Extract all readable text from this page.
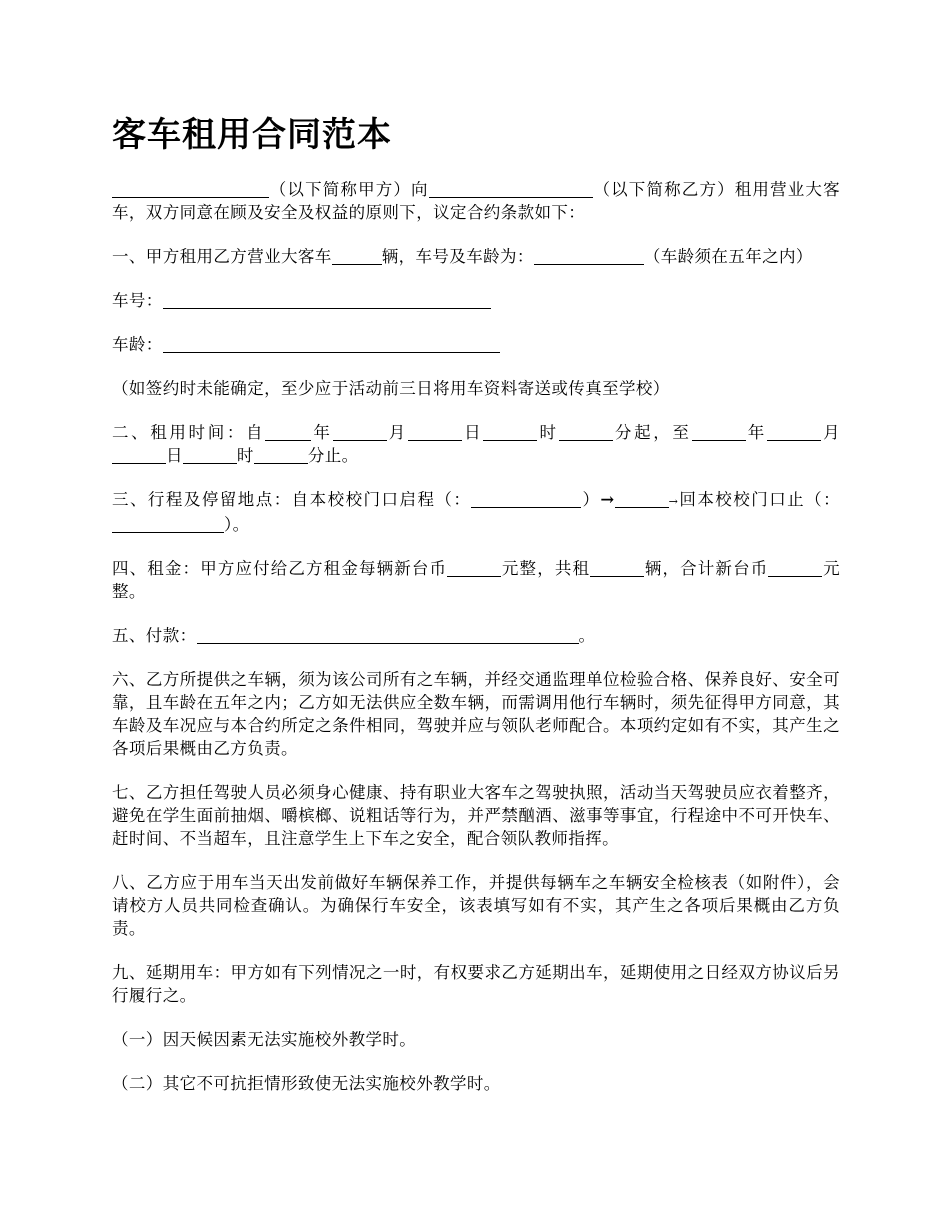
客车租用合同范本

（以下简称甲方）向	（以下简称乙方）租用营业大客车，双方同意在顾及安全及权益的原则下，议定合约条款如下：

一、甲方租用乙方营业大客车	辆，车号及车龄为：	（车龄须在五年之内）

车号：

车龄：

（如签约时未能确定，至少应于活动前三日将用车资料寄送或传真至学校）

二、租用时间：自	年	月	日	时	分起，至	年	月日	时	分止。

三、行程及停留地点：自本校校门口启程（：	）→	→回本校校门口止（：）。

四、租金：甲方应付给乙方租金每辆新台币	元整，共租	辆，合计新台币	元整。

五、付款：	。

六、乙方所提供之车辆，须为该公司所有之车辆，并经交通监理单位检验合格、保养良好、安全可靠，且车龄在五年之内；乙方如无法供应全数车辆，而需调用他行车辆时，须先征得甲方同意，其车龄及车况应与本合约所定之条件相同，驾驶并应与领队老师配合。本项约定如有不实，其产生之各项后果概由乙方负责。

七、乙方担任驾驶人员必须身心健康、持有职业大客车之驾驶执照，活动当天驾驶员应衣着整齐，避免在学生面前抽烟、嚼槟榔、说粗话等行为，并严禁酗酒、滋事等事宜，行程途中不可开快车、赶时间、不当超车，且注意学生上下车之安全，配合领队教师指挥。

八、乙方应于用车当天出发前做好车辆保养工作，并提供每辆车之车辆安全检核表（如附件），会请校方人员共同检查确认。为确保行车安全，该表填写如有不实，其产生之各项后果概由乙方负责。

九、延期用车：甲方如有下列情况之一时，有权要求乙方延期出车，延期使用之日经双方协议后另行履行之。

（一）因天候因素无法实施校外教学时。

（二）其它不可抗拒情形致使无法实施校外教学时。
